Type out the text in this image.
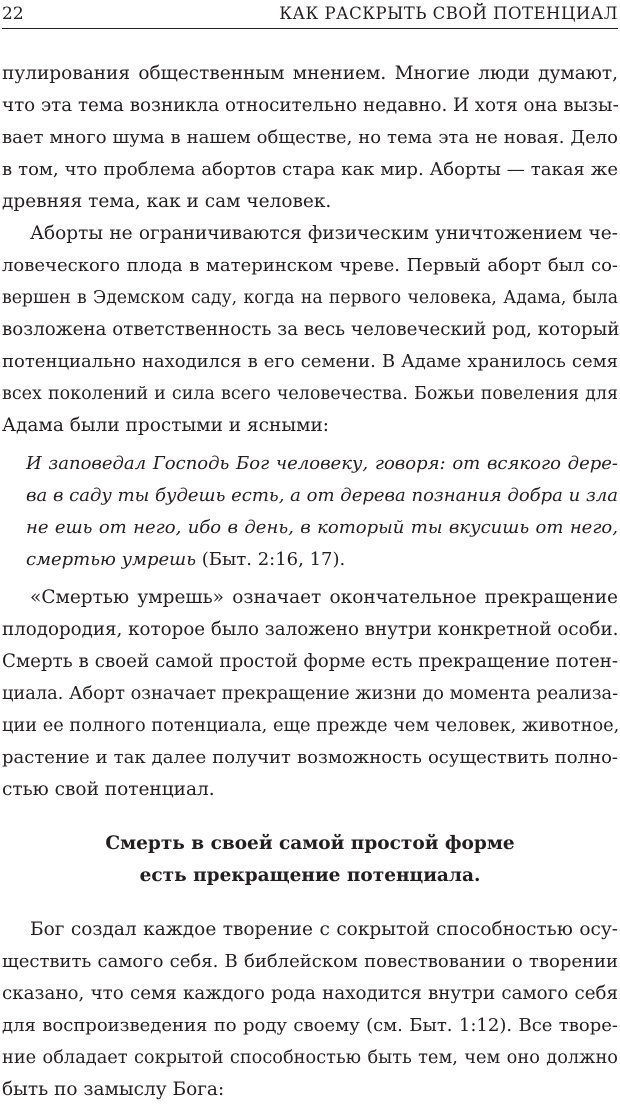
22	КАК РАСКРЫТЬ СВОЙ ПОТЕНЦИАЛ
пулирования общественным мнением. Многие люди думают,
что эта тема возникла относительно недавно. И хотя она вызы-
вает много шума в нашем обществе, но тема эта не новая. Дело
в том, что проблема абортов стара как мир. Аборты — такая же
древняя тема, как и сам человек.
Аборты не ограничиваются физическим уничтожением че-
ловеческого плода в материнском чреве. Первый аборт был со-
вершен в Эдемском саду, когда на первого человека, Адама, была
возложена ответственность за весь человеческий род, который
потенциально находился в его семени. В Адаме хранилось семя
всех поколений и сила всего человечества. Божьи повеления для
Адама были простыми и ясными:
И заповедал Господь Бог человеку, говоря: от всякого дере-
ва в саду ты будешь есть, а от дерева познания добра и зла
не ешь от него, ибо в день, в который ты вкусишь от него,
смертью умрешь (Быт. 2:16, 17).
«Смертью умрешь» означает окончательное прекращение
плодородия, которое было заложено внутри конкретной особи.
Смерть в своей самой простой форме есть прекращение потен-
циала. Аборт означает прекращение жизни до момента реализа-
ции ее полного потенциала, еще прежде чем человек, животное,
растение и так далее получит возможность осуществить полно-
стью свой потенциал.
Смерть в своей самой простой форме
есть прекращение потенциала.
Бог создал каждое творение с сокрытой способностью осу-
ществить самого себя. В библейском повествовании о творении
сказано, что семя каждого рода находится внутри самого себя
для воспроизведения по роду своему (см. Быт. 1:12). Все творе-
ние обладает сокрытой способностью быть тем, чем оно должно
быть по замыслу Бога:
